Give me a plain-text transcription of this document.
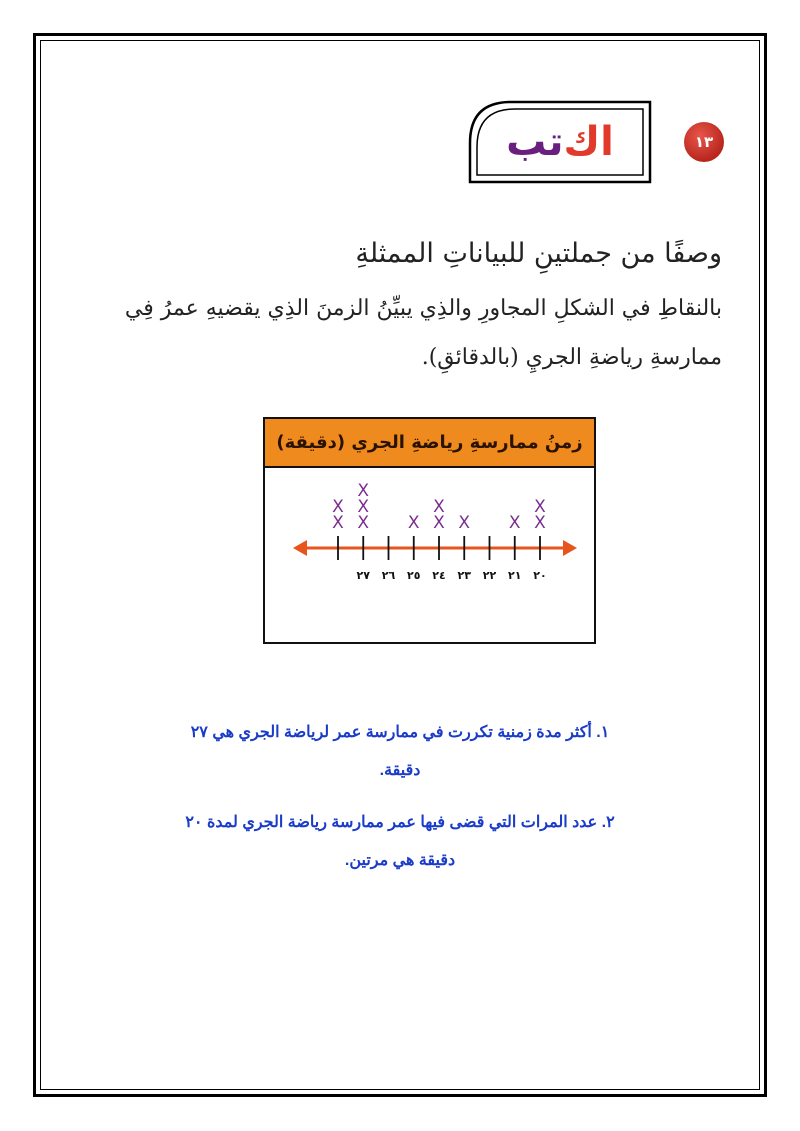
١٣
اك
تب
وصفًا من جملتينِ للبياناتِ الممثلةِ
بالنقاطِ في الشكلِ المجاورِ والذِي يبيِّنُ الزمنَ الذِي يقضيهِ عمرُ فِي
ممارسةِ رياضةِ الجريِ (بالدقائقِ).
زمنُ ممارسةِ رياضةِ الجري (دقيقة)
٢٠
X
X
٢١
X
٢٢
٢٣
X
٢٤
X
X
٢٥
X
٢٦
٢٧
X
X
X
X
X
١. أكثر مدة زمنية تكررت في ممارسة عمر لرياضة الجري هي ٢٧
دقيقة.
٢. عدد المرات التي قضى فيها عمر ممارسة رياضة الجري لمدة ٢٠
دقيقة هي مرتين.
